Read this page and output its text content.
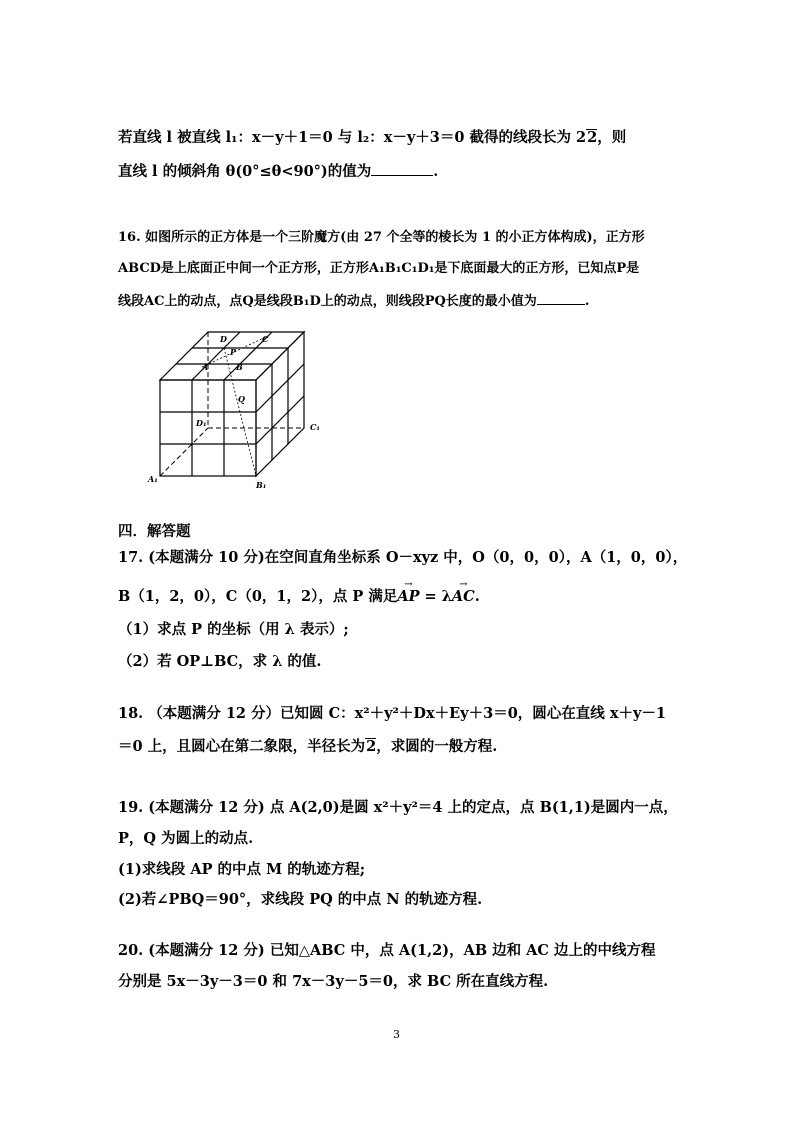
若直线 l 被直线 l₁：x－y＋1＝0 与 l₂：x－y＋3＝0 截得的线段长为 22，则
直线 l 的倾斜角 θ(0°≤θ<90°)的值为	.
16. 如图所示的正方体是一个三阶魔方(由 27 个全等的棱长为 1 的小正方体构成)，正方形
ABCD是上底面正中间一个正方形，正方形A₁B₁C₁D₁是下底面最大的正方形，已知点P是
线段AC上的动点，点Q是线段B₁D上的动点，则线段PQ长度的最小值为	.
D	C
P
A	B
Q
D₁	C₁
A₁
B₁
四．解答题
17. (本题满分 10 分)在空间直角坐标系 O－xyz 中，O（0，0，0），A（1，0，0），
B（1，2，0），C（0，1，2），点 P 满足→ AP = λ→ AC.
（1）求点 P 的坐标（用 λ 表示）;
（2）若 OP⊥BC，求 λ 的值.
18. （本题满分 12 分）已知圆 C：x²＋y²＋Dx＋Ey＋3＝0，圆心在直线 x＋y－1
＝0 上，且圆心在第二象限，半径长为2，求圆的一般方程.
19. (本题满分 12 分) 点 A(2,0)是圆 x²＋y²＝4 上的定点，点 B(1,1)是圆内一点，
P，Q 为圆上的动点.
(1)求线段 AP 的中点 M 的轨迹方程;
(2)若∠PBQ＝90°，求线段 PQ 的中点 N 的轨迹方程.
20. (本题满分 12 分) 已知△ABC 中，点 A(1,2)，AB 边和 AC 边上的中线方程
分别是 5x－3y－3＝0 和 7x－3y－5＝0，求 BC 所在直线方程.
3
